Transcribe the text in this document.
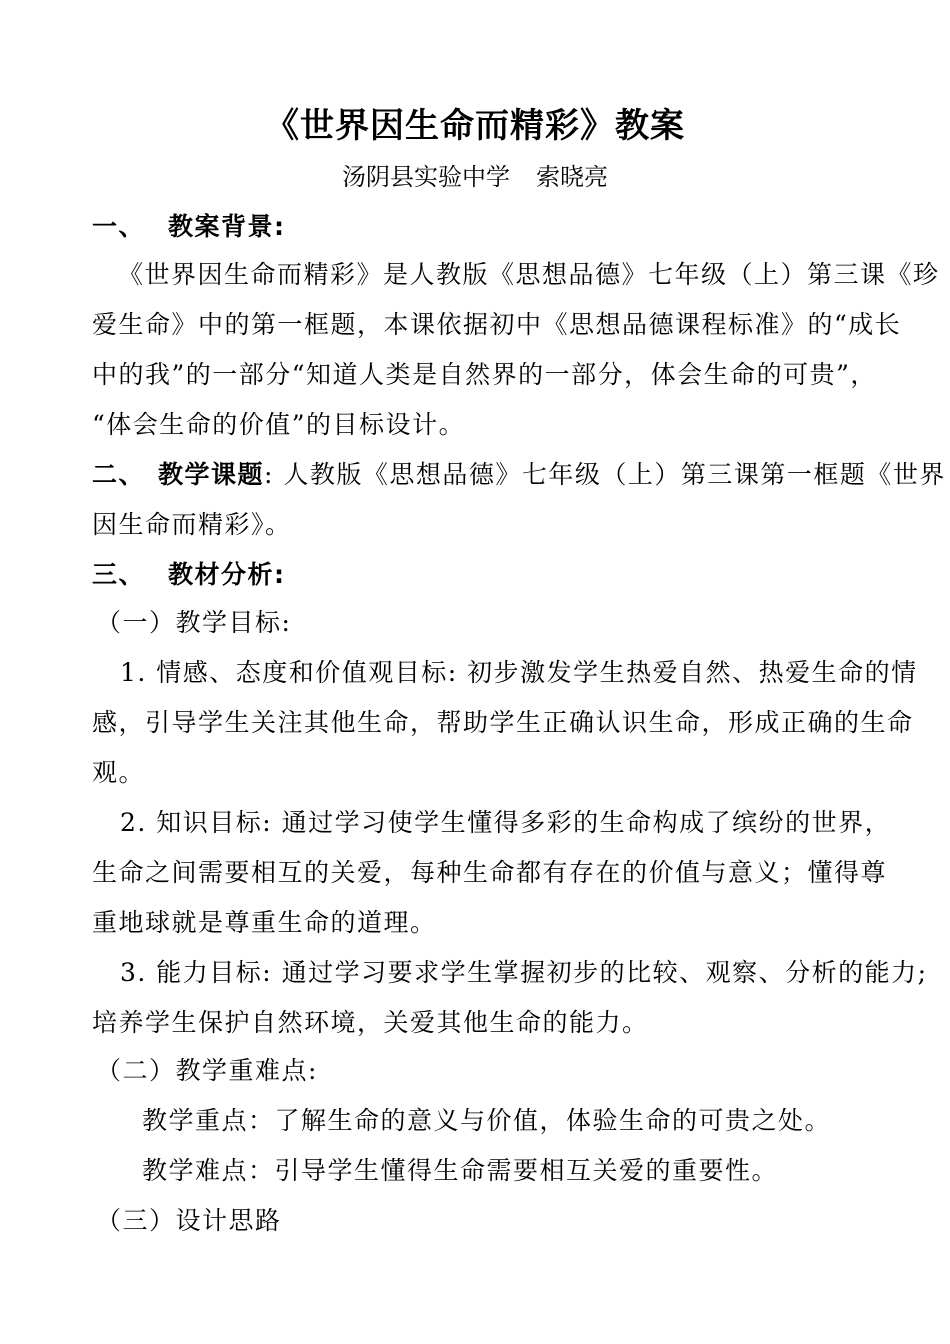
《世界因生命而精彩》教案
汤阴县实验中学 索晓亮
一、 教案背景:
《世界因生命而精彩》是人教版《思想品德》七年级（上）第三课《珍
爱生命》中的第一框题，本课依据初中《思想品德课程标准》的“成长
中的我”的一部分“知道人类是自然界的一部分，体会生命的可贵”，
“体会生命的价值”的目标设计。
二、 教学课题: 人教版《思想品德》七年级（上）第三课第一框题《世界
因生命而精彩》。
三、 教材分析:
（一）教学目标:
1. 情感、态度和价值观目标: 初步激发学生热爱自然、热爱生命的情
感，引导学生关注其他生命，帮助学生正确认识生命，形成正确的生命
观。
2. 知识目标: 通过学习使学生懂得多彩的生命构成了缤纷的世界，
生命之间需要相互的关爱，每种生命都有存在的价值与意义；懂得尊
重地球就是尊重生命的道理。
3. 能力目标: 通过学习要求学生掌握初步的比较、观察、分析的能力;
培养学生保护自然环境，关爱其他生命的能力。
（二）教学重难点:
教学重点：了解生命的意义与价值，体验生命的可贵之处。
教学难点：引导学生懂得生命需要相互关爱的重要性。
（三）设计思路
